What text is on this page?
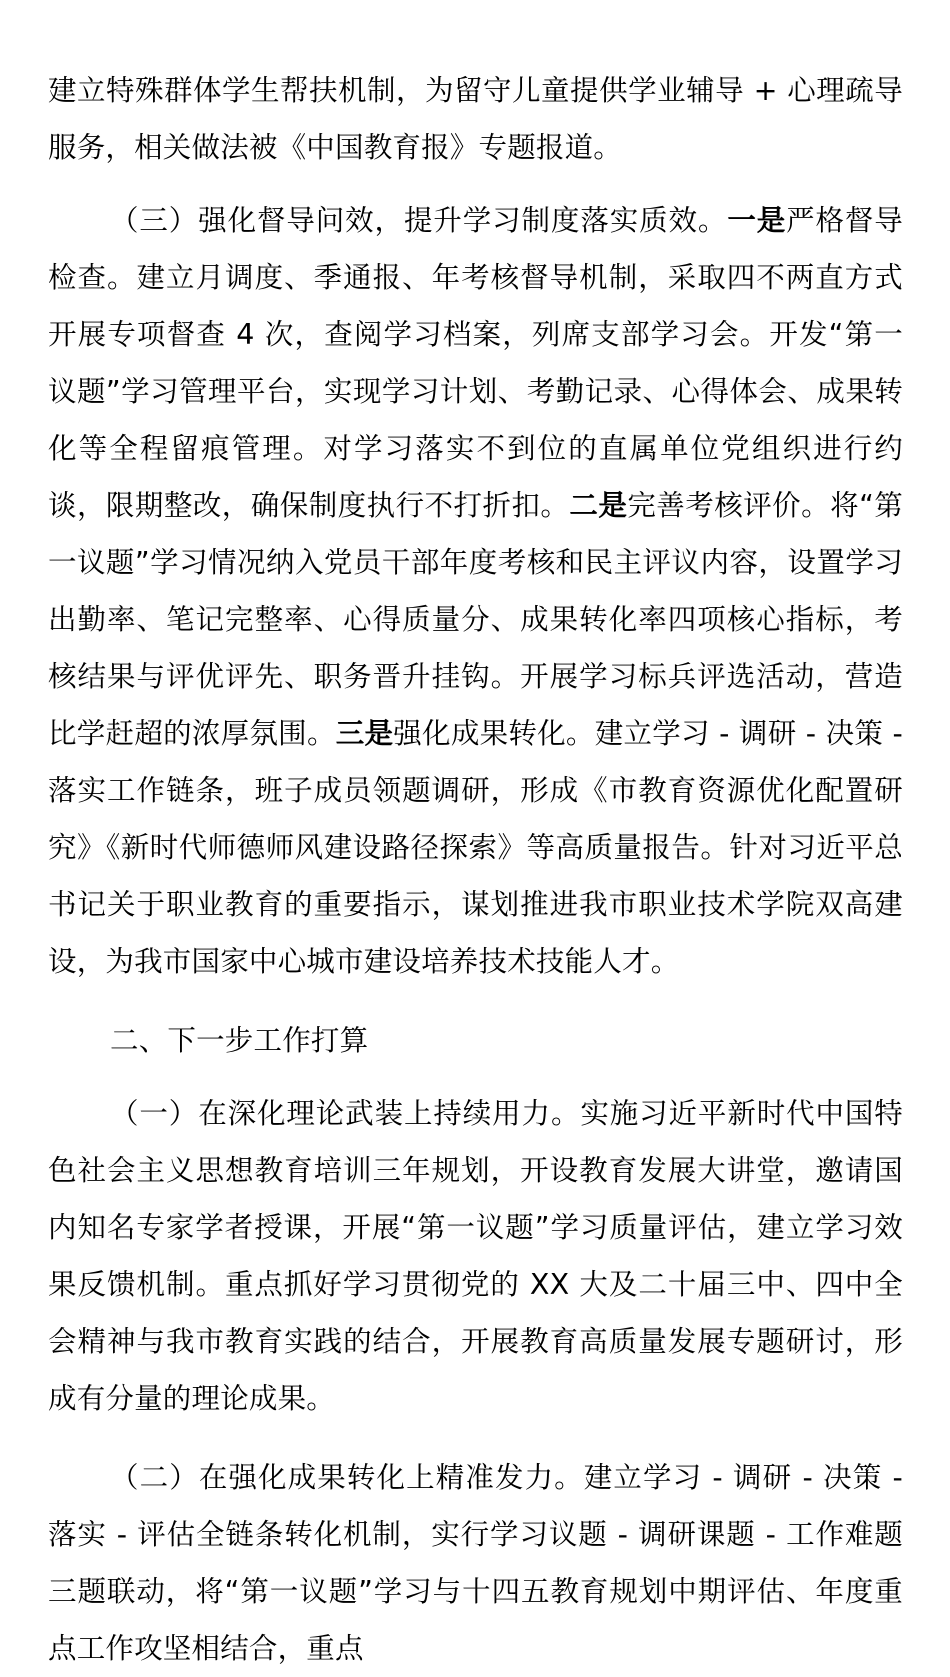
建立特殊群体学生帮扶机制，为留守儿童提供学业辅导 + 心理疏导服务，相关做法被《中国教育报》专题报道。

（三）强化督导问效，提升学习制度落实质效。一是严格督导检查。建立月调度、季通报、年考核督导机制，采取四不两直方式开展专项督查 4 次，查阅学习档案，列席支部学习会。开发“第一议题”学习管理平台，实现学习计划、考勤记录、心得体会、成果转化等全程留痕管理。对学习落实不到位的直属单位党组织进行约谈，限期整改，确保制度执行不打折扣。二是完善考核评价。将“第一议题”学习情况纳入党员干部年度考核和民主评议内容，设置学习出勤率、笔记完整率、心得质量分、成果转化率四项核心指标，考核结果与评优评先、职务晋升挂钩。开展学习标兵评选活动，营造比学赶超的浓厚氛围。三是强化成果转化。建立学习 - 调研 - 决策 - 落实工作链条，班子成员领题调研，形成《市教育资源优化配置研究》《新时代师德师风建设路径探索》等高质量报告。针对习近平总书记关于职业教育的重要指示，谋划推进我市职业技术学院双高建设，为我市国家中心城市建设培养技术技能人才。

二、下一步工作打算

（一）在深化理论武装上持续用力。实施习近平新时代中国特色社会主义思想教育培训三年规划，开设教育发展大讲堂，邀请国内知名专家学者授课，开展“第一议题”学习质量评估，建立学习效果反馈机制。重点抓好学习贯彻党的 XX 大及二十届三中、四中全会精神与我市教育实践的结合，开展教育高质量发展专题研讨，形成有分量的理论成果。

（二）在强化成果转化上精准发力。建立学习 - 调研 - 决策 - 落实 - 评估全链条转化机制，实行学习议题 - 调研课题 - 工作难题三题联动，将“第一议题”学习与十四五教育规划中期评估、年度重点工作攻坚相结合，重点
